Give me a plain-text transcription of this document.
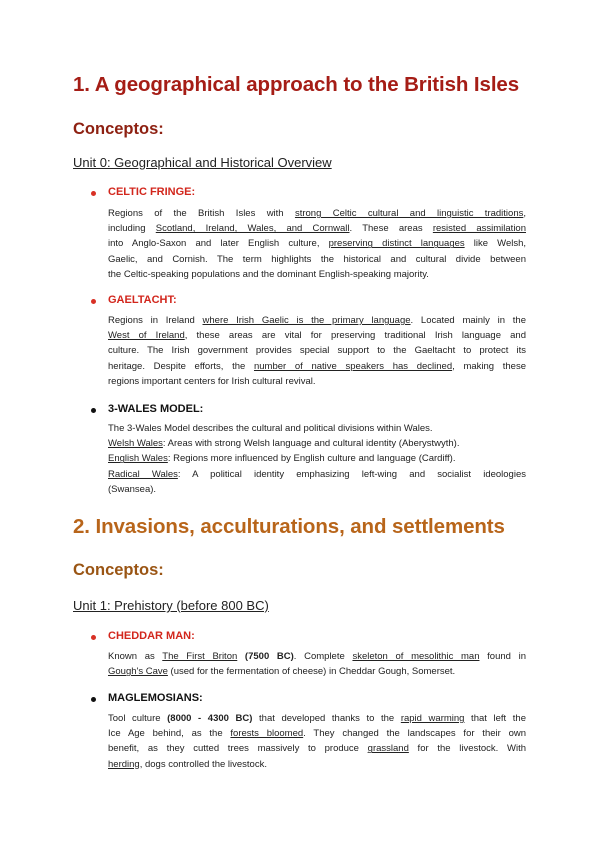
1. A geographical approach to the British Isles
Conceptos:
Unit 0: Geographical and Historical Overview
CELTIC FRINGE:
Regions of the British Isles with strong Celtic cultural and linguistic traditions,
including Scotland, Ireland, Wales, and Cornwall. These areas resisted assimilation
into Anglo-Saxon and later English culture, preserving distinct languages like Welsh,
Gaelic, and Cornish. The term highlights the historical and cultural divide between
the Celtic-speaking populations and the dominant English-speaking majority.
GAELTACHT:
Regions in Ireland where Irish Gaelic is the primary language. Located mainly in the
West of Ireland, these areas are vital for preserving traditional Irish language and
culture. The Irish government provides special support to the Gaeltacht to protect its
heritage. Despite efforts, the number of native speakers has declined, making these
regions important centers for Irish cultural revival.
3-WALES MODEL:
The 3-Wales Model describes the cultural and political divisions within Wales.
Welsh Wales: Areas with strong Welsh language and cultural identity (Aberystwyth).
English Wales: Regions more influenced by English culture and language (Cardiff).
Radical Wales: A political identity emphasizing left-wing and socialist ideologies
(Swansea).
2. Invasions, acculturations, and settlements
Conceptos:
Unit 1: Prehistory (before 800 BC)
CHEDDAR MAN:
Known as The First Briton (7500 BC). Complete skeleton of mesolithic man found in
Gough's Cave (used for the fermentation of cheese) in Cheddar Gough, Somerset.
MAGLEMOSIANS:
Tool culture (8000 - 4300 BC) that developed thanks to the rapid warming that left the
Ice Age behind, as the forests bloomed. They changed the landscapes for their own
benefit, as they cutted trees massively to produce grassland for the livestock. With
herding, dogs controlled the livestock.
